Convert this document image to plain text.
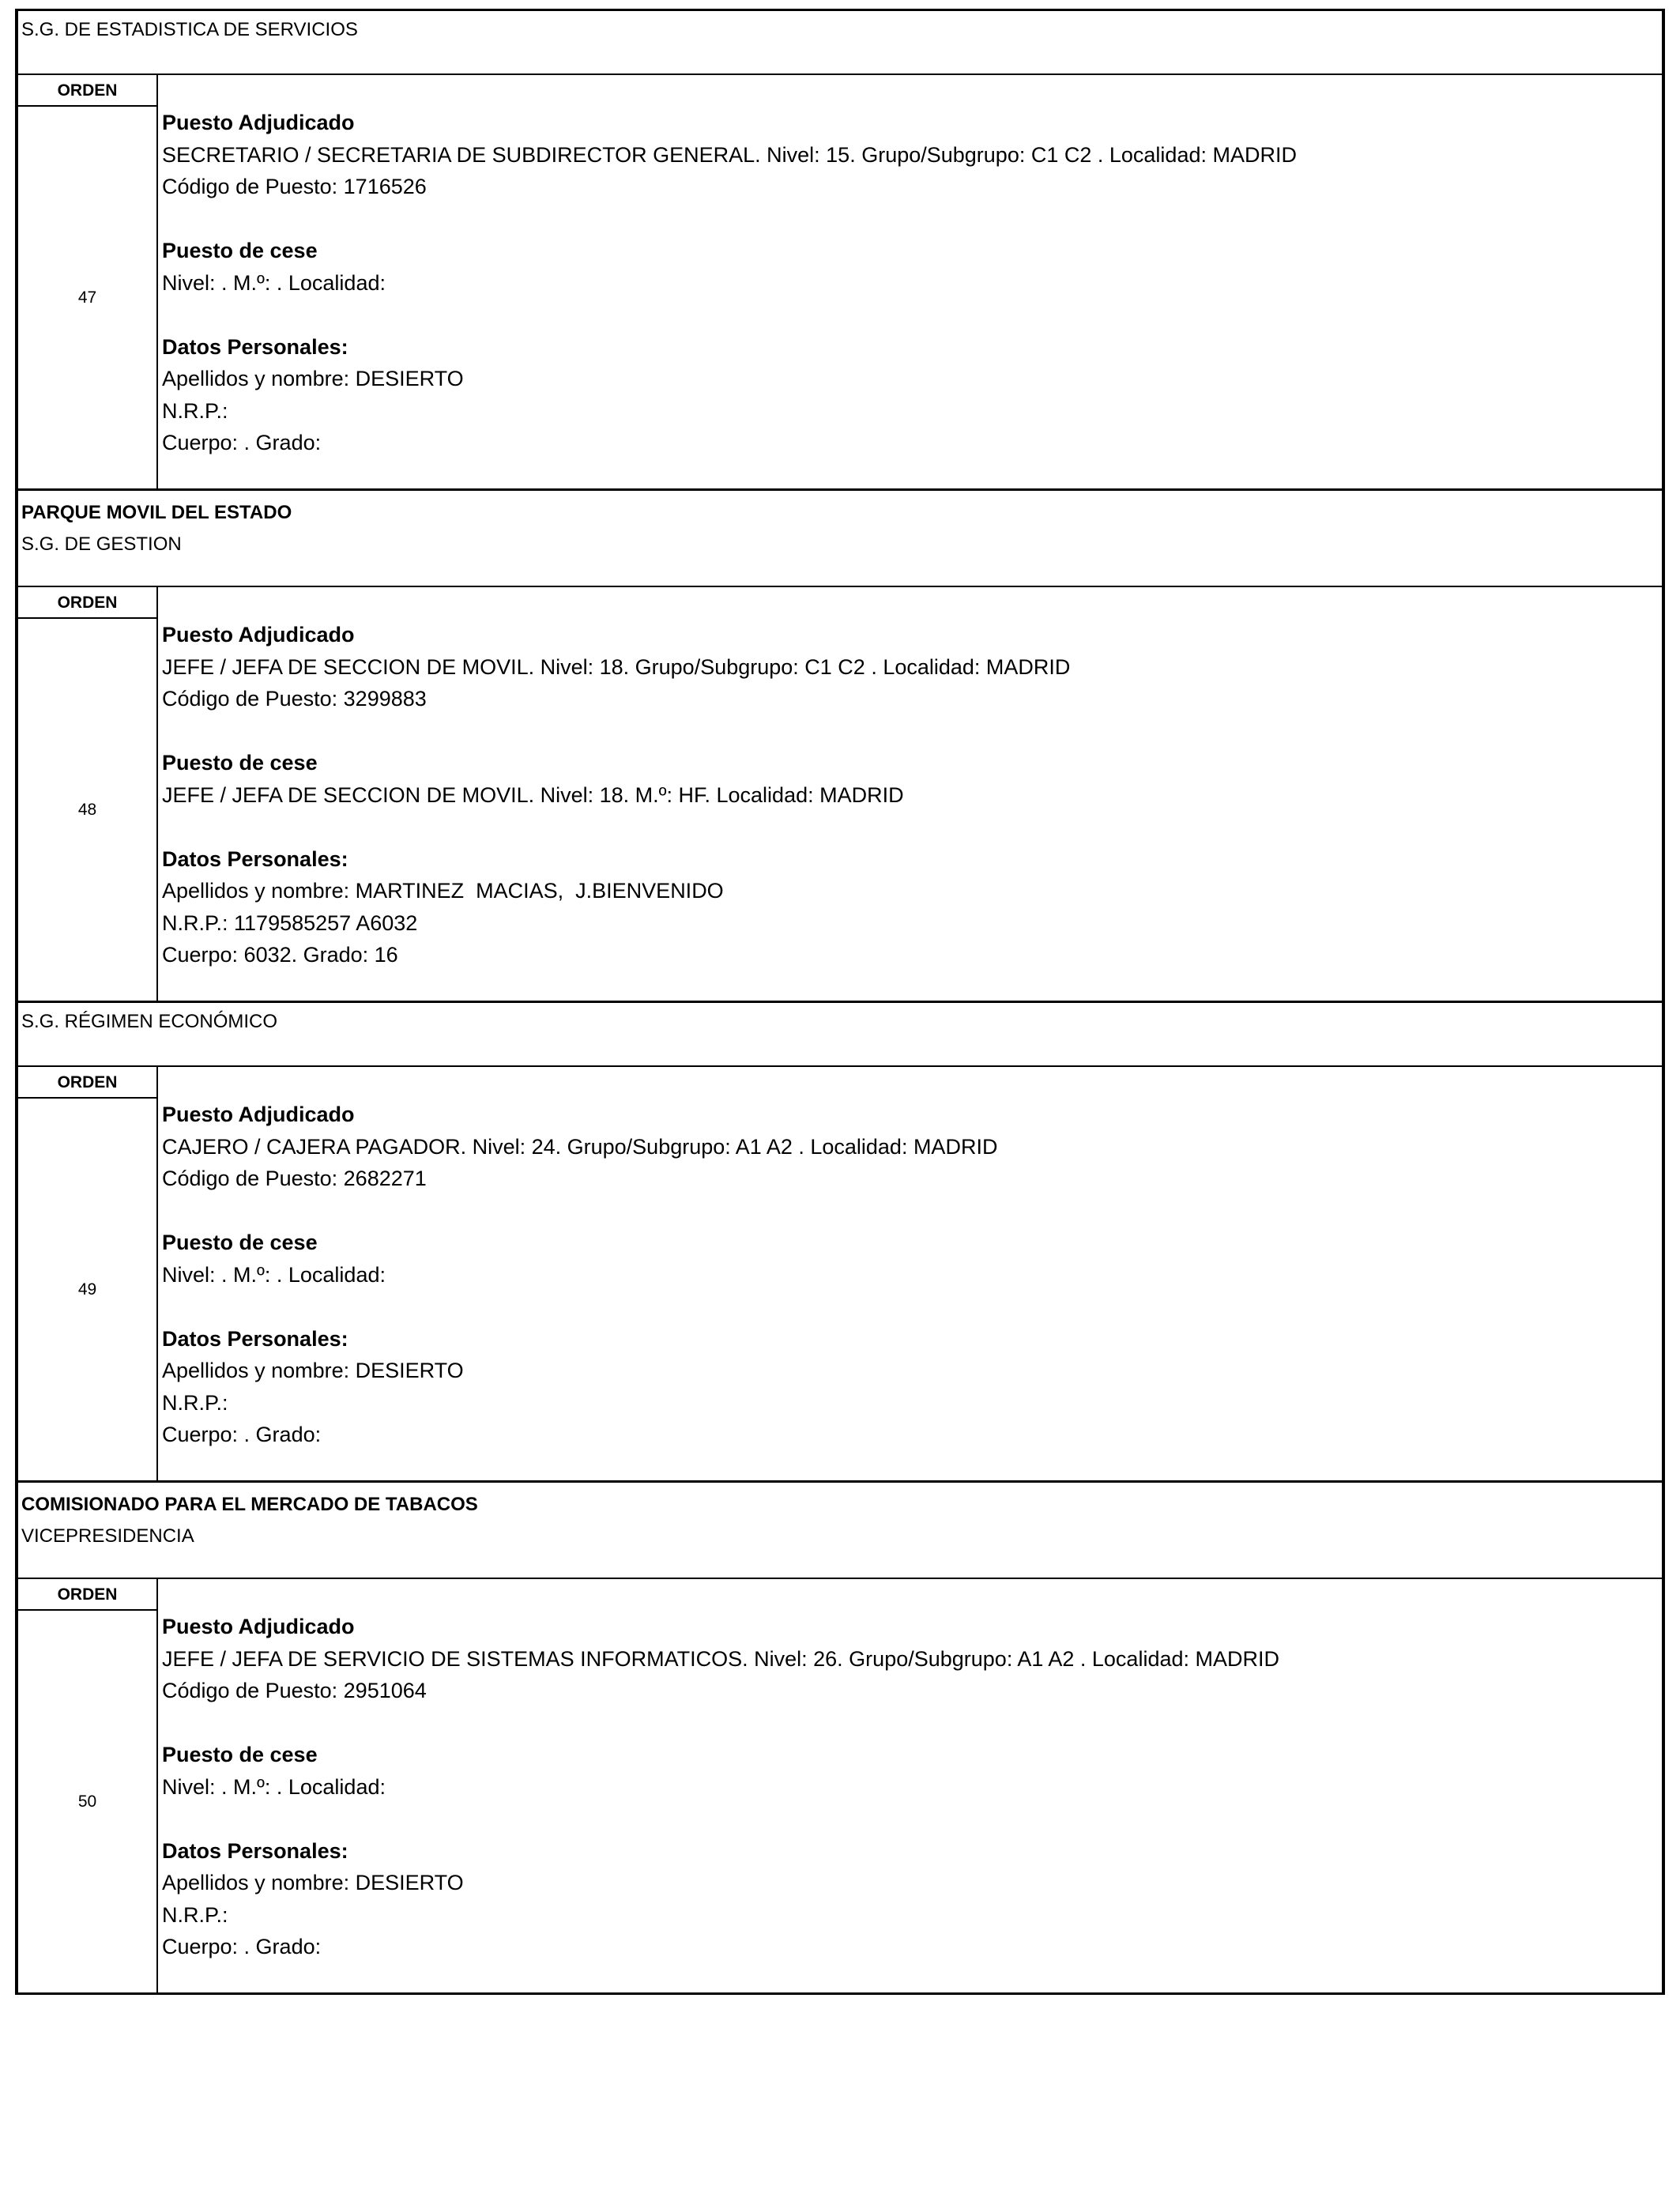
S.G. DE ESTADISTICA DE SERVICIOS
ORDEN
47
Puesto Adjudicado
SECRETARIO / SECRETARIA DE SUBDIRECTOR GENERAL. Nivel: 15. Grupo/Subgrupo: C1 C2 . Localidad: MADRID
Código de Puesto: 1716526
Puesto de cese
Nivel: . M.º: . Localidad:
Datos Personales:
Apellidos y nombre: DESIERTO
N.R.P.:
Cuerpo: . Grado:
PARQUE MOVIL DEL ESTADO
S.G. DE GESTION
ORDEN
48
Puesto Adjudicado
JEFE / JEFA DE SECCION DE MOVIL. Nivel: 18. Grupo/Subgrupo: C1 C2 . Localidad: MADRID
Código de Puesto: 3299883
Puesto de cese
JEFE / JEFA DE SECCION DE MOVIL. Nivel: 18. M.º: HF. Localidad: MADRID
Datos Personales:
Apellidos y nombre: MARTINEZ  MACIAS,  J.BIENVENIDO
N.R.P.: 1179585257 A6032
Cuerpo: 6032. Grado: 16
S.G. RÉGIMEN ECONÓMICO
ORDEN
49
Puesto Adjudicado
CAJERO / CAJERA PAGADOR. Nivel: 24. Grupo/Subgrupo: A1 A2 . Localidad: MADRID
Código de Puesto: 2682271
Puesto de cese
Nivel: . M.º: . Localidad:
Datos Personales:
Apellidos y nombre: DESIERTO
N.R.P.:
Cuerpo: . Grado:
COMISIONADO PARA EL MERCADO DE TABACOS
VICEPRESIDENCIA
ORDEN
50
Puesto Adjudicado
JEFE / JEFA DE SERVICIO DE SISTEMAS INFORMATICOS. Nivel: 26. Grupo/Subgrupo: A1 A2 . Localidad: MADRID
Código de Puesto: 2951064
Puesto de cese
Nivel: . M.º: . Localidad:
Datos Personales:
Apellidos y nombre: DESIERTO
N.R.P.:
Cuerpo: . Grado:
